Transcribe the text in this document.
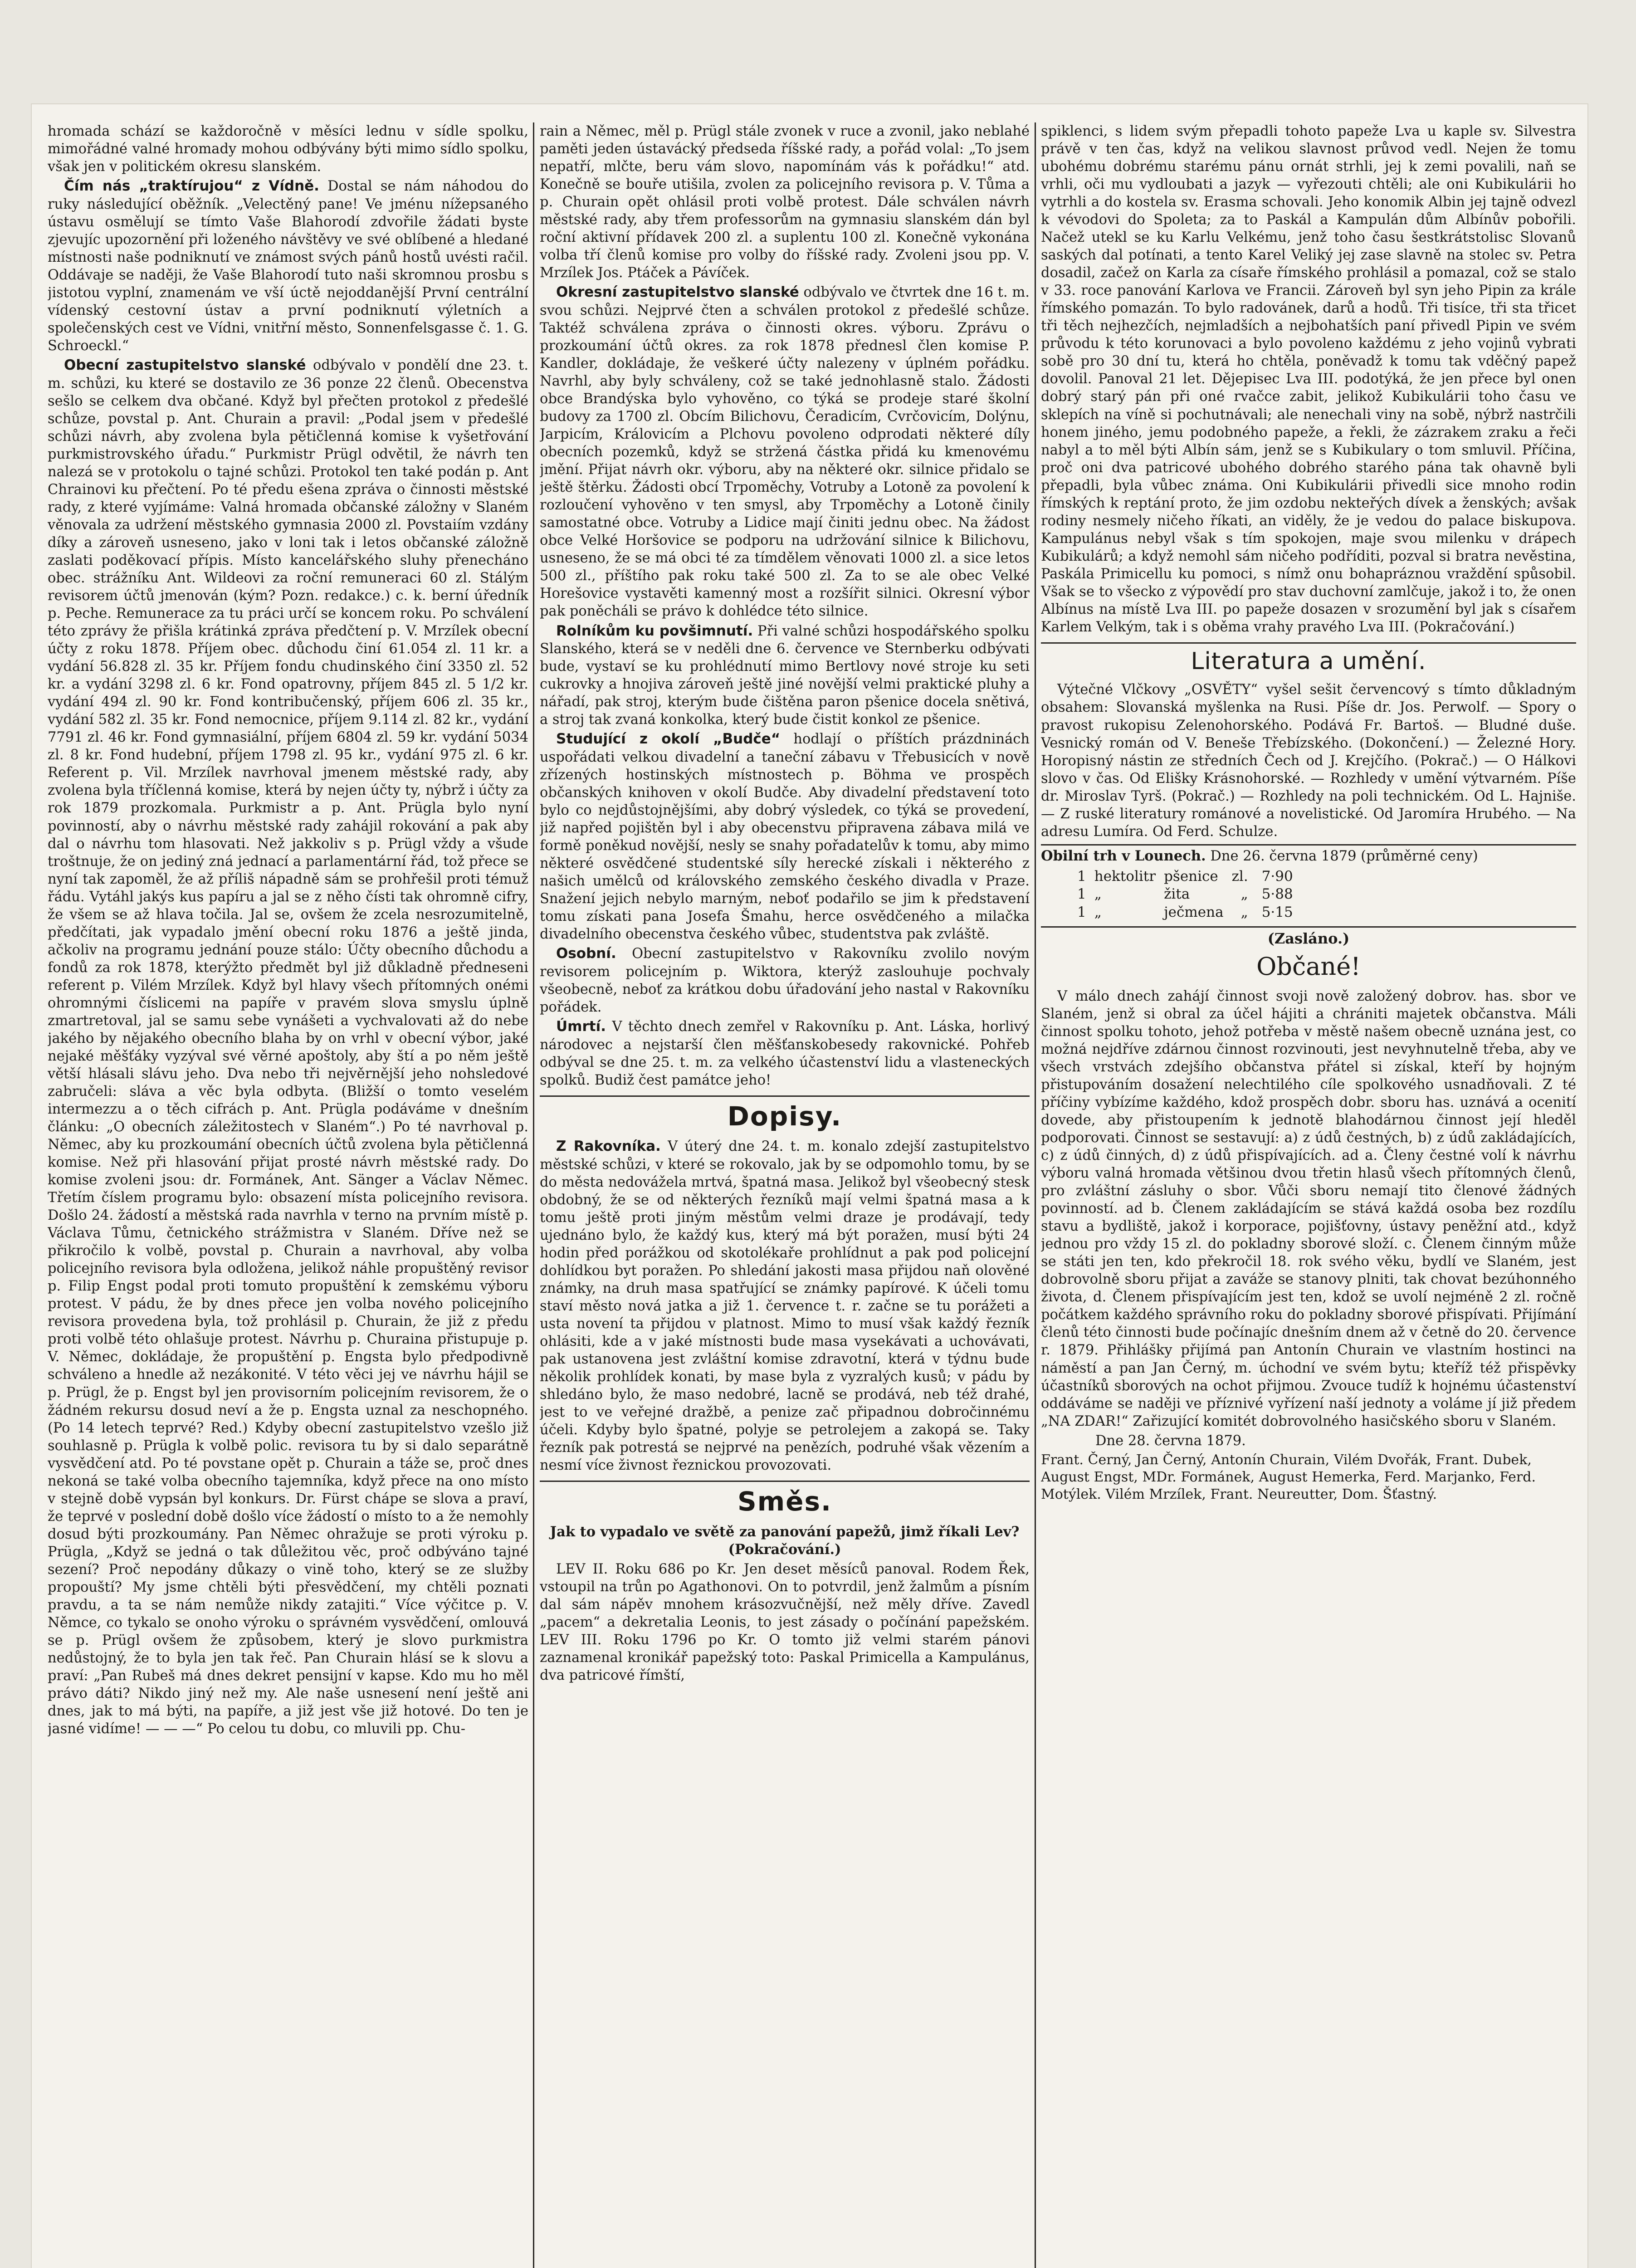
hromada schází se každoročně v měsíci lednu v sídle spolku, mimořádné valné hromady mohou odbývány býti mimo sídlo spolku, však jen v politickém okresu slanském.

Čím nás „traktírujou“ z Vídně. Dostal se nám náhodou do ruky následující oběžník. „Velectěný pane! Ve jménu nížepsaného ústavu osmělují se tímto Vaše Blahorodí zdvořile žádati byste zjevujíc upozornění při loženého návštěvy ve své oblíbené a hledané místnosti naše podniknutí ve známost svých pánů hostů uvésti račil. Oddávaje se naději, že Vaše Blahorodí tuto naši skromnou prosbu s jistotou vyplní, znamenám ve vší úctě nejoddanější První centrální vídenský cestovní ústav a první podniknutí výletních a společenských cest ve Vídni, vnitřní město, Sonnenfelsgasse č. 1. G. Schroeckl.“

Obecní zastupitelstvo slanské odbývalo v pondělí dne 23. t. m. schůzi, ku které se dostavilo ze 36 ponze 22 členů. Obecenstva sešlo se celkem dva občané. Když byl přečten protokol z předešlé schůze, povstal p. Ant. Churain a pravil: „Podal jsem v předešlé schůzi návrh, aby zvolena byla pětičlenná komise k vyšetřování purkmistrovského úřadu.“ Purkmistr Prügl odvětil, že návrh ten nalezá se v protokolu o tajné schůzi. Protokol ten také podán p. Ant Chrainovi ku přečtení. Po té předu ešena zpráva o činnosti městské rady, z které vyjímáme: Valná hromada občanské záložny v Slaném věnovala za udržení městského gymnasia 2000 zl. Povstaiím vzdány díky a zároveň usneseno, jako v loni tak i letos občanské záložně zaslati poděkovací přípis. Místo kancelářského sluhy přenecháno obec. strážníku Ant. Wildeovi za roční remuneraci 60 zl. Stálým revisorem účtů jmenován (kým? Pozn. redakce.) c. k. berní úředník p. Peche. Remunerace za tu práci určí se koncem roku. Po schválení této zprávy že přišla krátinká zpráva předčtení p. V. Mrzílek obecní účty z roku 1878. Příjem obec. důchodu činí 61.054 zl. 11 kr. a vydání 56.828 zl. 35 kr. Příjem fondu chudinského činí 3350 zl. 52 kr. a vydání 3298 zl. 6 kr. Fond opatrovny, příjem 845 zl. 5 1/2 kr. vydání 494 zl. 90 kr. Fond kontribučenský, příjem 606 zl. 35 kr., vydání 582 zl. 35 kr. Fond nemocnice, příjem 9.114 zl. 82 kr., vydání 7791 zl. 46 kr. Fond gymnasiální, příjem 6804 zl. 59 kr. vydání 5034 zl. 8 kr. Fond hudební, příjem 1798 zl. 95 kr., vydání 975 zl. 6 kr. Referent p. Vil. Mrzílek navrhoval jmenem městské rady, aby zvolena byla tříčlenná komise, která by nejen účty ty, nýbrž i účty za rok 1879 prozkomala. Purkmistr a p. Ant. Prügla bylo nyní povinností, aby o návrhu městské rady zahájil rokování a pak aby dal o návrhu tom hlasovati. Než jakkoliv s p. Prügl vždy a všude troštnuje, že on jediný zná jednací a parlamentární řád, tož přece se nyní tak zapoměl, že až příliš nápadně sám se prohřešil proti témuž řádu. Vytáhl jakýs kus papíru a jal se z něho čísti tak ohromně cifry, že všem se až hlava točila. Jal se, ovšem že zcela nesrozumitelně, předčítati, jak vypadalo jmění obecní roku 1876 a ještě jinda, ačkoliv na programu jednání pouze stálo: Účty obecního důchodu a fondů za rok 1878, kterýžto předmět byl již důkladně předneseni referent p. Vilém Mrzílek. Když byl hlavy všech přítomných onémi ohromnými číslicemi na papíře v pravém slova smyslu úplně zmartretoval, jal se samu sebe vynášeti a vychvalovati až do nebe jakého by nějakého obecního blaha by on vrhl v obecní výbor, jaké nejaké měšťáky vyzýval své věrné apoštoly, aby ští a po něm ještě větší hlásali slávu jeho. Dva nebo tři nejvěrnější jeho nohsledové zabručeli: sláva a věc byla odbyta. (Bližší o tomto veselém intermezzu a o těch cifrách p. Ant. Prügla podáváme v dnešním článku: „O obecních záležitostech v Slaném“.) Po té navrhoval p. Němec, aby ku prozkoumání obecních účtů zvolena byla pětičlenná komise. Než při hlasování přijat prosté návrh městské rady. Do komise zvoleni jsou: dr. Formánek, Ant. Sänger a Václav Němec. Třetím číslem programu bylo: obsazení místa policejního revisora. Došlo 24. žádostí a městská rada navrhla v terno na prvním místě p. Václava Tůmu, četnického strážmistra v Slaném. Dříve než se přikročilo k volbě, povstal p. Churain a navrhoval, aby volba policejního revisora byla odložena, jelikož náhle propuštěný revisor p. Filip Engst podal proti tomuto propuštění k zemskému výboru protest. V pádu, že by dnes přece jen volba nového policejního revisora provedena byla, tož prohlásil p. Churain, že již z předu proti volbě této ohlašuje protest. Návrhu p. Churaina přistupuje p. V. Němec, dokládaje, že propuštění p. Engsta bylo předpodivně schváleno a hnedle až nezákonité. V této věci jej ve návrhu hájil se p. Prügl, že p. Engst byl jen provisorním policejním revisorem, že o žádném rekursu dosud neví a že p. Engsta uznal za neschopného. (Po 14 letech teprvé? Red.) Kdyby obecní zastupitelstvo vzešlo již souhlasně p. Prügla k volbě polic. revisora tu by si dalo separátně vysvědčení atd. Po té povstane opět p. Churain a táže se, proč dnes nekoná se také volba obecního tajemníka, když přece na ono místo v stejně době vypsán byl konkurs. Dr. Fürst chápe se slova a praví, že teprvé v poslední době došlo více žádostí o místo to a že nemohly dosud býti prozkoumány. Pan Němec ohražuje se proti výroku p. Prügla, „Když se jedná o tak důležitou věc, proč odbýváno tajné sezení? Proč nepodány důkazy o vině toho, který se ze služby propouští? My jsme chtěli býti přesvědčení, my chtěli poznati pravdu, a ta se nám nemůže nikdy zatajiti.“ Více výčitce p. V. Němce, co tykalo se onoho výroku o správném vysvědčení, omlouvá se p. Prügl ovšem že způsobem, který je slovo purkmistra nedůstojný, že to byla jen tak řeč. Pan Churain hlásí se k slovu a praví: „Pan Rubeš má dnes dekret pensijní v kapse. Kdo mu ho měl právo dáti? Nikdo jiný než my. Ale naše usnesení není ještě ani dnes, jak to má býti, na papíře, a již jest vše již hotové. Do ten je jasné vidíme! — — —“ Po celou tu dobu, co mluvili pp. Chu-

rain a Němec, měl p. Prügl stále zvonek v ruce a zvonil, jako neblahé paměti jeden ústavácký předseda říšské rady, a pořád volal: „To jsem nepatří, mlčte, beru vám slovo, napomínám vás k pořádku!“ atd. Konečně se bouře utišila, zvolen za policejního revisora p. V. Tůma a p. Churain opět ohlásil proti volbě protest. Dále schválen návrh městské rady, aby třem professorům na gymnasiu slanském dán byl roční aktivní přídavek 200 zl. a suplentu 100 zl. Konečně vykonána volba tří členů komise pro volby do říšské rady. Zvoleni jsou pp. V. Mrzílek Jos. Ptáček a Pávíček.

Okresní zastupitelstvo slanské odbývalo ve čtvrtek dne 16 t. m. svou schůzi. Nejprvé čten a schválen protokol z předešlé schůze. Taktéž schválena zpráva o činnosti okres. výboru. Zprávu o prozkoumání účtů okres. za rok 1878 přednesl člen komise P. Kandler, dokládaje, že veškeré účty nalezeny v úplném pořádku. Navrhl, aby byly schváleny, což se také jednohlasně stalo. Žádosti obce Brandýska bylo vyhověno, co týká se prodeje staré školní budovy za 1700 zl. Obcím Bilichovu, Čeradicím, Cvrčovicím, Dolýnu, Jarpicím, Královicím a Plchovu povoleno odprodati některé díly obecních pozemků, když se stržená částka přidá ku kmenovému jmění. Přijat návrh okr. výboru, aby na některé okr. silnice přidalo se ještě štěrku. Žádosti obcí Trpoměchy, Votruby a Lotoně za povolení k rozloučení vyhověno v ten smysl, aby Trpoměchy a Lotoně činily samostatné obce. Votruby a Lidice mají činiti jednu obec. Na žádost obce Velké Horšovice se podporu na udržování silnice k Bilichovu, usneseno, že se má obci té za tímdělem věnovati 1000 zl. a sice letos 500 zl., příštího pak roku také 500 zl. Za to se ale obec Velké Horešovice vystavěti kamenný most a rozšířit silnici. Okresní výbor pak poněcháli se právo k dohlédce této silnice.

Rolníkům ku povšimnutí. Při valné schůzi hospodářského spolku Slanského, která se v neděli dne 6. července ve Sternberku odbývati bude, vystaví se ku prohlédnutí mimo Bertlovy nové stroje ku seti cukrovky a hnojiva zároveň ještě jiné novější velmi praktické pluhy a nářadí, pak stroj, kterým bude čištěna paron pšenice docela snětivá, a stroj tak zvaná konkolka, který bude čistit konkol ze pšenice.

Studující z okolí „Budče“ hodlají o příštích prázdninách uspořádati velkou divadelní a taneční zábavu v Třebusicích v nově zřízených hostinských místnostech p. Böhma ve prospěch občanských knihoven v okolí Budče. Aby divadelní představení toto bylo co nejdůstojnějšími, aby dobrý výsledek, co týká se provedení, již napřed pojištěn byl i aby obecenstvu připravena zábava milá ve formě poněkud novější, nesly se snahy pořadatelův k tomu, aby mimo některé osvědčené studentské síly herecké získali i některého z našich umělců od královského zemského českého divadla v Praze. Snažení jejich nebylo marným, neboť podařilo se jim k představení tomu získati pana Josefa Šmahu, herce osvědčeného a milačka divadelního obecenstva českého vůbec, studentstva pak zvláště.

Osobní. Obecní zastupitelstvo v Rakovníku zvolilo novým revisorem policejním p. Wiktora, kterýž zaslouhuje pochvaly všeobecně, neboť za krátkou dobu úřadování jeho nastal v Rakovníku pořádek.

Úmrtí. V těchto dnech zemřel v Rakovníku p. Ant. Láska, horlivý národovec a nejstarší člen měšťanskobesedy rakovnické. Pohřeb odbýval se dne 25. t. m. za velkého účastenství lidu a vlasteneckých spolků. Budiž čest památce jeho!

Dopisy.

Z Rakovníka. V úterý dne 24. t. m. konalo zdejší zastupitelstvo městské schůzi, v které se rokovalo, jak by se odpomohlo tomu, by se do města nedovážela mrtvá, špatná masa. Jelikož byl všeobecný stesk obdobný, že se od některých řezníků mají velmi špatná masa a k tomu ještě proti jiným městům velmi draze je prodávají, tedy ujednáno bylo, že každý kus, který má být poražen, musí býti 24 hodin před porážkou od skotolékaře prohlídnut a pak pod policejní dohlídkou byt poražen. Po shledání jakosti masa přijdou naň olověné známky, na druh masa spatřující se známky papírové. K účeli tomu staví město nová jatka a již 1. července t. r. začne se tu porážeti a usta novení ta přijdou v platnost. Mimo to musí však každý řezník ohlásiti, kde a v jaké místnosti bude masa vysekávati a uchovávati, pak ustanovena jest zvláštní komise zdravotní, která v týdnu bude několik prohlídek konati, by mase byla z vyzralých kusů; v pádu by shledáno bylo, že maso nedobré, lacně se prodává, neb též drahé, jest to ve veřejné dražbě, a penize zač připadnou dobročinnému účeli. Kdyby bylo špatné, polyje se petrolejem a zakopá se. Taky řezník pak potrestá se nejprvé na penězích, podruhé však vězením a nesmí více živnost řeznickou provozovati.

Směs.

Jak to vypadalo ve světě za panování papežů, jimž říkali Lev? (Pokračování.)

LEV II. Roku 686 po Kr. Jen deset měsíců panoval. Rodem Řek, vstoupil na trůn po Agathonovi. On to potvrdil, jenž žalmům a písním dal sám nápěv mnohem krásozvučnější, než měly dříve. Zavedl „pacem“ a dekretalia Leonis, to jest zásady o počínání papežském. LEV III. Roku 1796 po Kr. O tomto již velmi starém pánovi zaznamenal kronikář papežský toto: Paskal Primicella a Kampulánus, dva patricové římští,

spiklenci, s lidem svým přepadli tohoto papeže Lva u kaple sv. Silvestra právě v ten čas, když na velikou slavnost průvod vedl. Nejen že tomu ubohému dobrému starému pánu ornát strhli, jej k zemi povalili, naň se vrhli, oči mu vydloubati a jazyk — vyřezouti chtěli; ale oni Kubikulárii ho vytrhli a do kostela sv. Erasma schovali. Jeho konomik Albin jej tajně odvezl k vévodovi do Spoleta; za to Paskál a Kampulán dům Albínův pobořili. Načež utekl se ku Karlu Velkému, jenž toho času šestkrátstolisc Slovanů saských dal potínati, a tento Karel Veliký jej zase slavně na stolec sv. Petra dosadil, začež on Karla za císaře římského prohlásil a pomazal, což se stalo v 33. roce panování Karlova ve Francii. Zároveň byl syn jeho Pipin za krále římského pomazán. To bylo radovánek, darů a hodů. Tři tisíce, tři sta třicet tři těch nejhezčích, nejmladších a nejbohatších paní přivedl Pipin ve svém průvodu k této korunovaci a bylo povoleno každému z jeho vojinů vybrati sobě pro 30 dní tu, která ho chtěla, poněvadž k tomu tak vděčný papež dovolil. Panoval 21 let. Dějepisec Lva III. podotýká, že jen přece byl onen dobrý starý pán při oné rvačce zabit, jelikož Kubikulárii toho času ve sklepích na víně si pochutnávali; ale nenechali viny na sobě, nýbrž nastrčili honem jiného, jemu podobného papeže, a řekli, že zázrakem zraku a řeči nabyl a to měl býti Albín sám, jenž se s Kubikulary o tom smluvil. Příčina, proč oni dva patricové ubohého dobrého starého pána tak ohavně byli přepadli, byla vůbec známa. Oni Kubikulárii přivedli sice mnoho rodin římských k reptání proto, že jim ozdobu nekteřých dívek a ženských; avšak rodiny nesmely ničeho říkati, an viděly, že je vedou do palace biskupova. Kampulánus nebyl však s tím spokojen, maje svou milenku v drápech Kubikulárů; a když nemohl sám ničeho podříditi, pozval si bratra nevěstina, Paskála Primicellu ku pomoci, s nímž onu bohapráznou vraždění spůsobil. Však se to všecko z výpovědí pro stav duchovní zamlčuje, jakož i to, že onen Albínus na místě Lva III. po papeže dosazen v srozumění byl jak s císařem Karlem Velkým, tak i s oběma vrahy pravého Lva III. (Pokračování.)

Literatura a umění.

Výtečné Vlčkovy „OSVĚTY“ vyšel sešit červencový s tímto důkladným obsahem: Slovanská myšlenka na Rusi. Píše dr. Jos. Perwolf. — Spory o pravost rukopisu Zelenohorského. Podává Fr. Bartoš. — Bludné duše. Vesnický román od V. Beneše Třebízského. (Dokončení.) — Železné Hory. Horopisný nástin ze středních Čech od J. Krejčího. (Pokrač.) — O Hálkovi slovo v čas. Od Elišky Krásnohorské. — Rozhledy v umění výtvarném. Píše dr. Miroslav Tyrš. (Pokrač.) — Rozhledy na poli technickém. Od L. Hajniše. — Z ruské literatury románové a novelistické. Od Jaromíra Hrubého. — Na adresu Lumíra. Od Ferd. Schulze.

Obilní trh v Lounech. Dne 26. června 1879 (průměrné ceny)

1	hektolitr	pšenice	zl.	7·90
1	„	žita	„	5·88
1	„	ječmena	„	5·15
(Zasláno.)
Občané!

V málo dnech zahájí činnost svoji nově založený dobrov. has. sbor ve Slaném, jenž si obral za účel hájiti a chrániti majetek občanstva. Máli činnost spolku tohoto, jehož potřeba v městě našem obecně uznána jest, co možná nejdříve zdárnou činnost rozvinouti, jest nevyhnutelně třeba, aby ve všech vrstvách zdejšího občanstva přátel si získal, kteří by hojným přistupováním dosažení nelechtilého cíle spolkového usnadňovali. Z té příčiny vybízíme každého, kdož prospěch dobr. sboru has. uznává a ocenití dovede, aby přistoupením k jednotě blahodárnou činnost její hleděl podporovati. Činnost se sestavují: a) z údů čestných, b) z údů zakládajících, c) z údů činných, d) z údů přispívajících. ad a. Členy čestné volí k návrhu výboru valná hromada většinou dvou třetin hlasů všech přítomných členů, pro zvláštní zásluhy o sbor. Vůči sboru nemají tito členové žádných povinností. ad b. Členem zakládajícím se stává každá osoba bez rozdílu stavu a bydliště, jakož i korporace, pojišťovny, ústavy peněžní atd., když jednou pro vždy 15 zl. do pokladny sborové složí. c. Členem činným může se státi jen ten, kdo překročil 18. rok svého věku, bydlí ve Slaném, jest dobrovolně sboru přijat a zaváže se stanovy plniti, tak chovat bezúhonného života, d. Členem přispívajícím jest ten, kdož se uvolí nejméně 2 zl. ročně počátkem každého správního roku do pokladny sborové přispívati. Přijímání členů této činnosti bude počínajíc dnešním dnem až v četně do 20. července r. 1879. Přihlášky přijímá pan Antonín Churain ve vlastním hostinci na náměstí a pan Jan Černý, m. úchodní ve svém bytu; kteříž též přispěvky účastníků sborových na ochot přijmou. Zvouce tudíž k hojnému účastenství oddáváme se naději ve příznivé vyřízení naší jednoty a voláme jí již předem „NA ZDAR!“ Zařizující komitét dobrovolného hasičského sboru v Slaném.

Dne 28. června 1879.

Frant. Černý, Jan Černý, Antonín Churain, Vilém Dvořák, Frant. Dubek, August Engst, MDr. Formánek, August Hemerka, Ferd. Marjanko, Ferd. Motýlek. Vilém Mrzílek, Frant. Neureutter, Dom. Šťastný.
